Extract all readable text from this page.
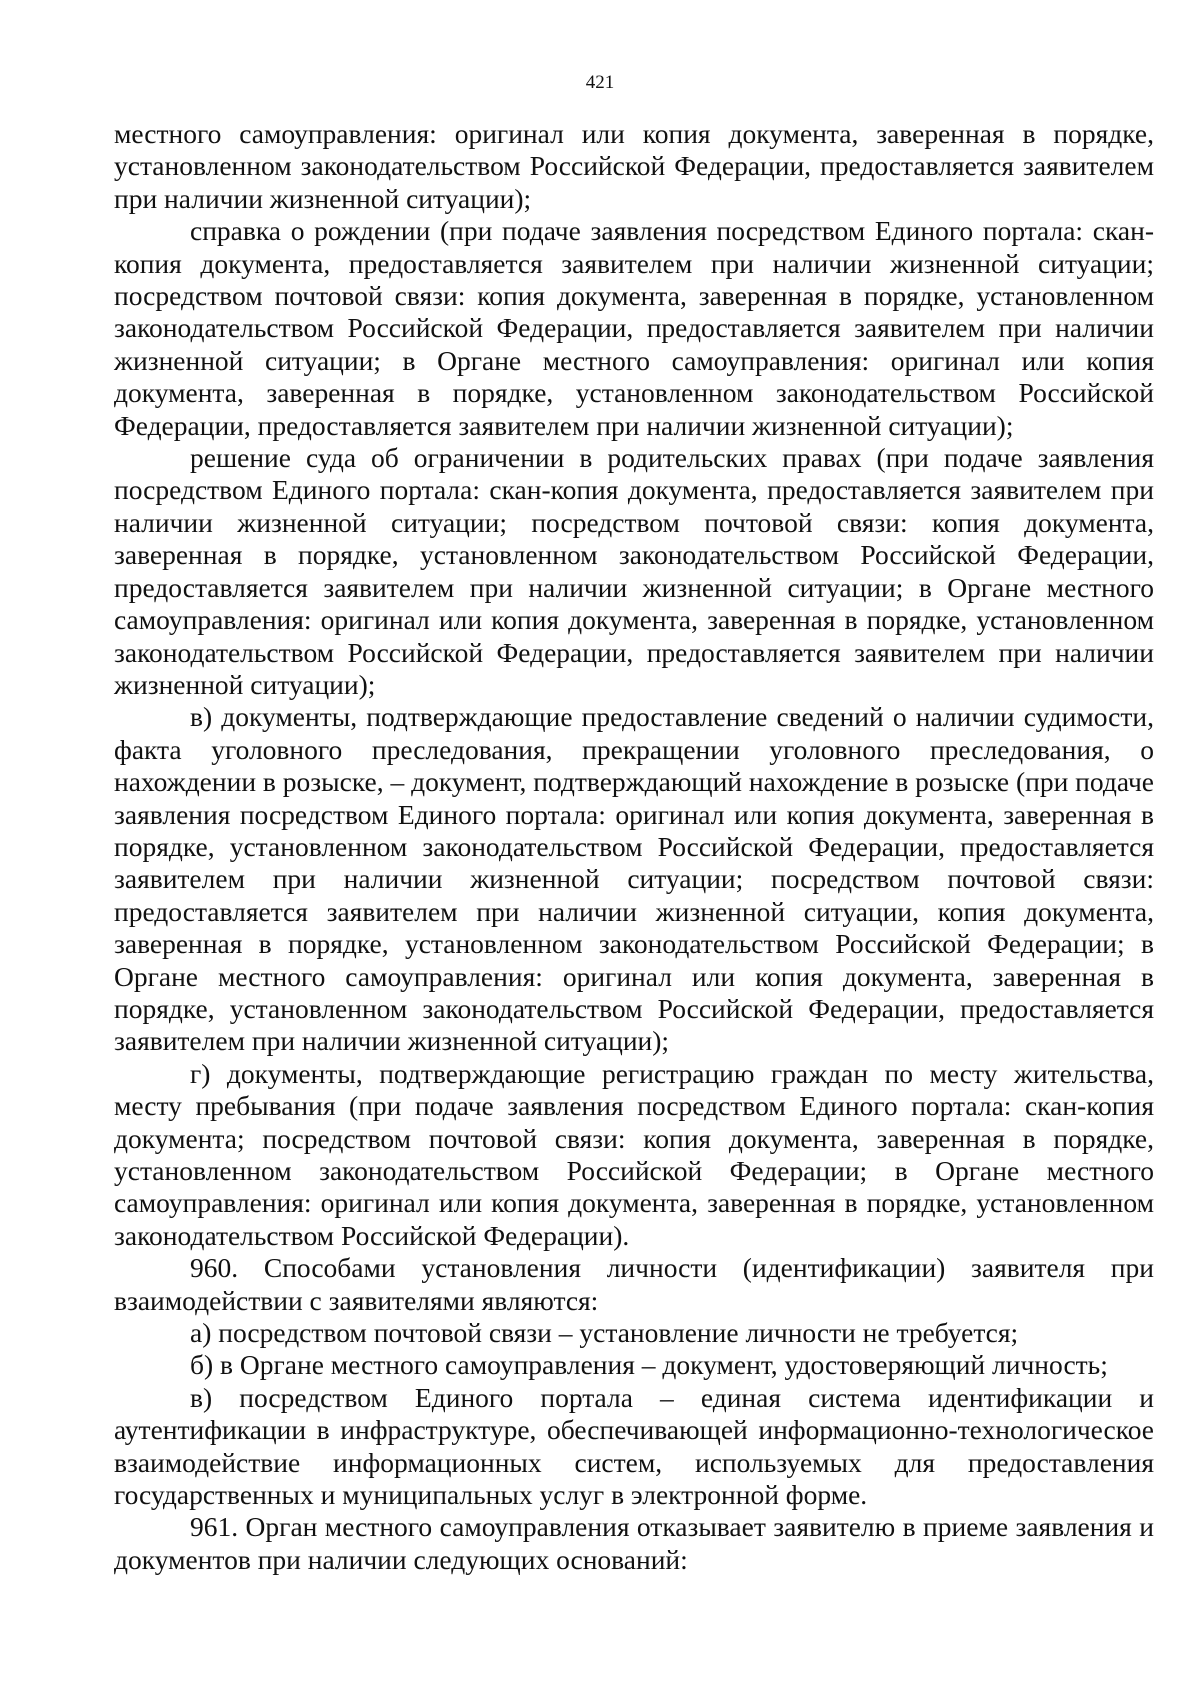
421

местного самоуправления: оригинал или копия документа, заверенная в порядке, установленном законодательством Российской Федерации, предоставляется заявителем при наличии жизненной ситуации);

справка о рождении (при подаче заявления посредством Единого портала: скан-копия документа, предоставляется заявителем при наличии жизненной ситуации; посредством почтовой связи: копия документа, заверенная в порядке, установленном законодательством Российской Федерации, предоставляется заявителем при наличии жизненной ситуации; в Органе местного самоуправления: оригинал или копия документа, заверенная в порядке, установленном законодательством Российской Федерации, предоставляется заявителем при наличии жизненной ситуации);

решение суда об ограничении в родительских правах (при подаче заявления посредством Единого портала: скан-копия документа, предоставляется заявителем при наличии жизненной ситуации; посредством почтовой связи: копия документа, заверенная в порядке, установленном законодательством Российской Федерации, предоставляется заявителем при наличии жизненной ситуации; в Органе местного самоуправления: оригинал или копия документа, заверенная в порядке, установленном законодательством Российской Федерации, предоставляется заявителем при наличии жизненной ситуации);

в) документы, подтверждающие предоставление сведений о наличии судимости, факта уголовного преследования, прекращении уголовного преследования, о нахождении в розыске, – документ, подтверждающий нахождение в розыске (при подаче заявления посредством Единого портала: оригинал или копия документа, заверенная в порядке, установленном законодательством Российской Федерации, предоставляется заявителем при наличии жизненной ситуации; посредством почтовой связи: предоставляется заявителем при наличии жизненной ситуации, копия документа, заверенная в порядке, установленном законодательством Российской Федерации; в Органе местного самоуправления: оригинал или копия документа, заверенная в порядке, установленном законодательством Российской Федерации, предоставляется заявителем при наличии жизненной ситуации);

г) документы, подтверждающие регистрацию граждан по месту жительства, месту пребывания (при подаче заявления посредством Единого портала: скан-копия документа; посредством почтовой связи: копия документа, заверенная в порядке, установленном законодательством Российской Федерации; в Органе местного самоуправления: оригинал или копия документа, заверенная в порядке, установленном законодательством Российской Федерации).

960. Способами установления личности (идентификации) заявителя при взаимодействии с заявителями являются:

а) посредством почтовой связи – установление личности не требуется;

б) в Органе местного самоуправления – документ, удостоверяющий личность;

в) посредством Единого портала – единая система идентификации и аутентификации в инфраструктуре, обеспечивающей информационно-технологическое взаимодействие информационных систем, используемых для предоставления государственных и муниципальных услуг в электронной форме.

961. Орган местного самоуправления отказывает заявителю в приеме заявления и документов при наличии следующих оснований:
